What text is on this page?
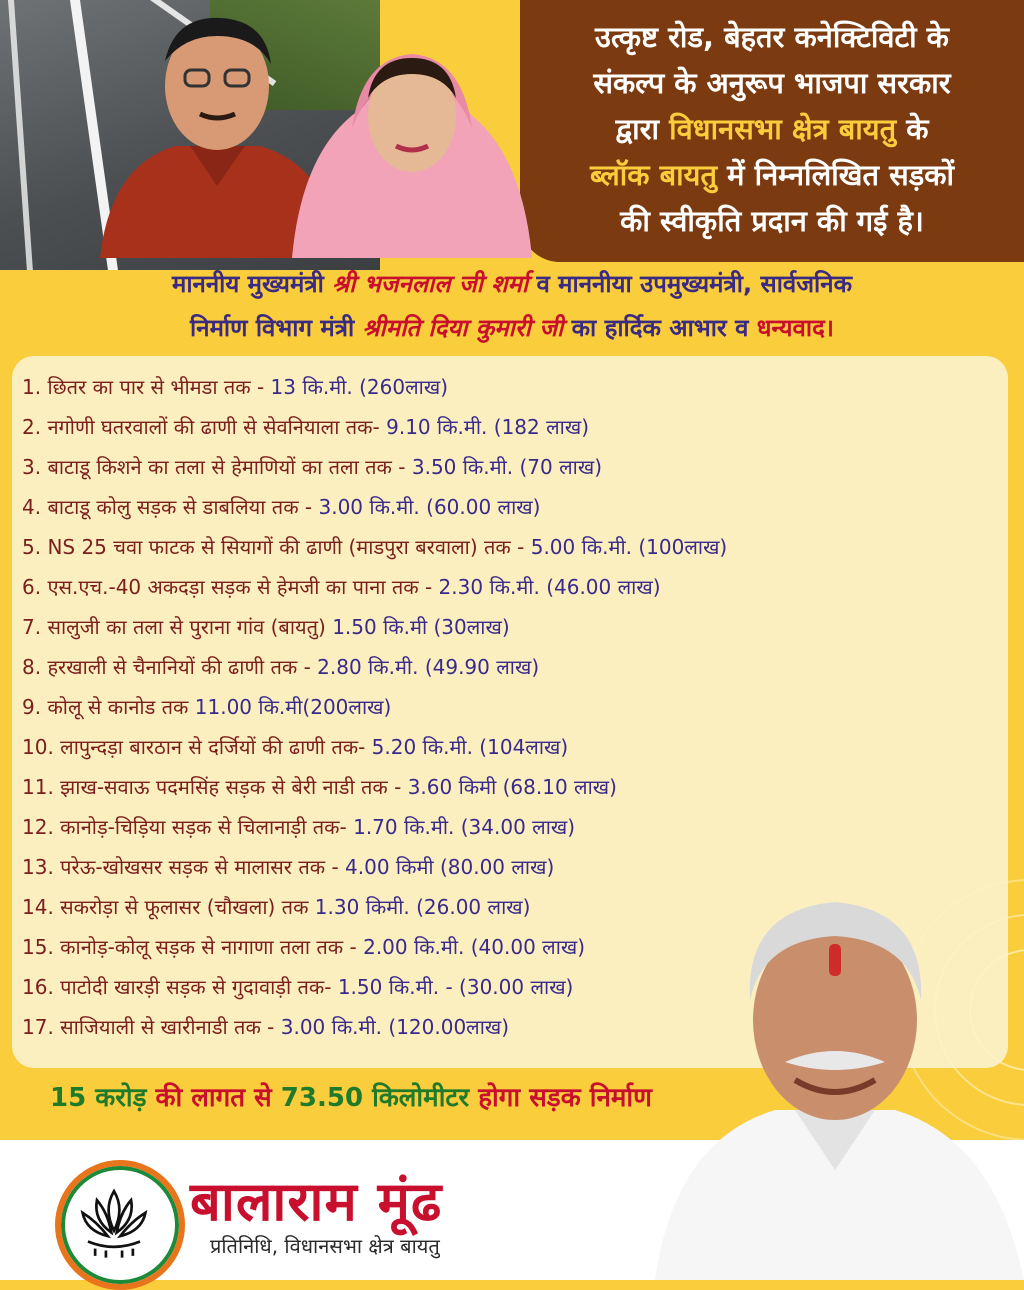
उत्कृष्ट रोड, बेहतर कनेक्टिविटी के
संकल्प के अनुरूप भाजपा सरकार
द्वारा विधानसभा क्षेत्र बायतु के
ब्लॉक बायतु में निम्नलिखित सड़कों
की स्वीकृति प्रदान की गई है।
माननीय मुख्यमंत्री श्री भजनलाल जी शर्मा व माननीया उपमुख्यमंत्री, सार्वजनिक
निर्माण विभाग मंत्री श्रीमति दिया कुमारी जी का हार्दिक आभार व धन्यवाद।
1. छितर का पार से भीमडा तक - 13 कि.मी. (260लाख)
2. नगोणी घतरवालों की ढाणी से सेवनियाला तक- 9.10 कि.मी. (182 लाख)
3. बाटाडू किशने का तला से हेमाणियों का तला तक - 3.50 कि.मी. (70 लाख)
4. बाटाडू कोलु सड़क से डाबलिया तक - 3.00 कि.मी. (60.00 लाख)
5. NS 25 चवा फाटक से सियागों की ढाणी (माडपुरा बरवाला) तक - 5.00 कि.मी. (100लाख)
6. एस.एच.-40 अकदड़ा सड़क से हेमजी का पाना तक - 2.30 कि.मी. (46.00 लाख)
7. सालुजी का तला से पुराना गांव (बायतु) 1.50 कि.मी (30लाख)
8. हरखाली से चैनानियों की ढाणी तक - 2.80 कि.मी. (49.90 लाख)
9. कोलू से कानोड तक 11.00 कि.मी(200लाख)
10. लापुन्दड़ा बारठान से दर्जियों की ढाणी तक- 5.20 कि.मी. (104लाख)
11. झाख-सवाऊ पदमसिंह सड़क से बेरी नाडी तक - 3.60 किमी (68.10 लाख)
12. कानोड़-चिड़िया सड़क से चिलानाड़ी तक- 1.70 कि.मी. (34.00 लाख)
13. परेऊ-खोखसर सड़क से मालासर तक - 4.00 किमी (80.00 लाख)
14. सकरोड़ा से फूलासर (चौखला) तक 1.30 किमी. (26.00 लाख)
15. कानोड़-कोलू सड़क से नागाणा तला तक - 2.00 कि.मी. (40.00 लाख)
16. पाटोदी खारड़ी सड़क से गुदावाड़ी तक- 1.50 कि.मी. - (30.00 लाख)
17. साजियाली से खारीनाडी तक - 3.00 कि.मी. (120.00लाख)
15 करोड़ की लागत से 73.50 किलोमीटर होगा सड़क निर्माण
बालाराम मूंढ
प्रतिनिधि, विधानसभा क्षेत्र बायतु
